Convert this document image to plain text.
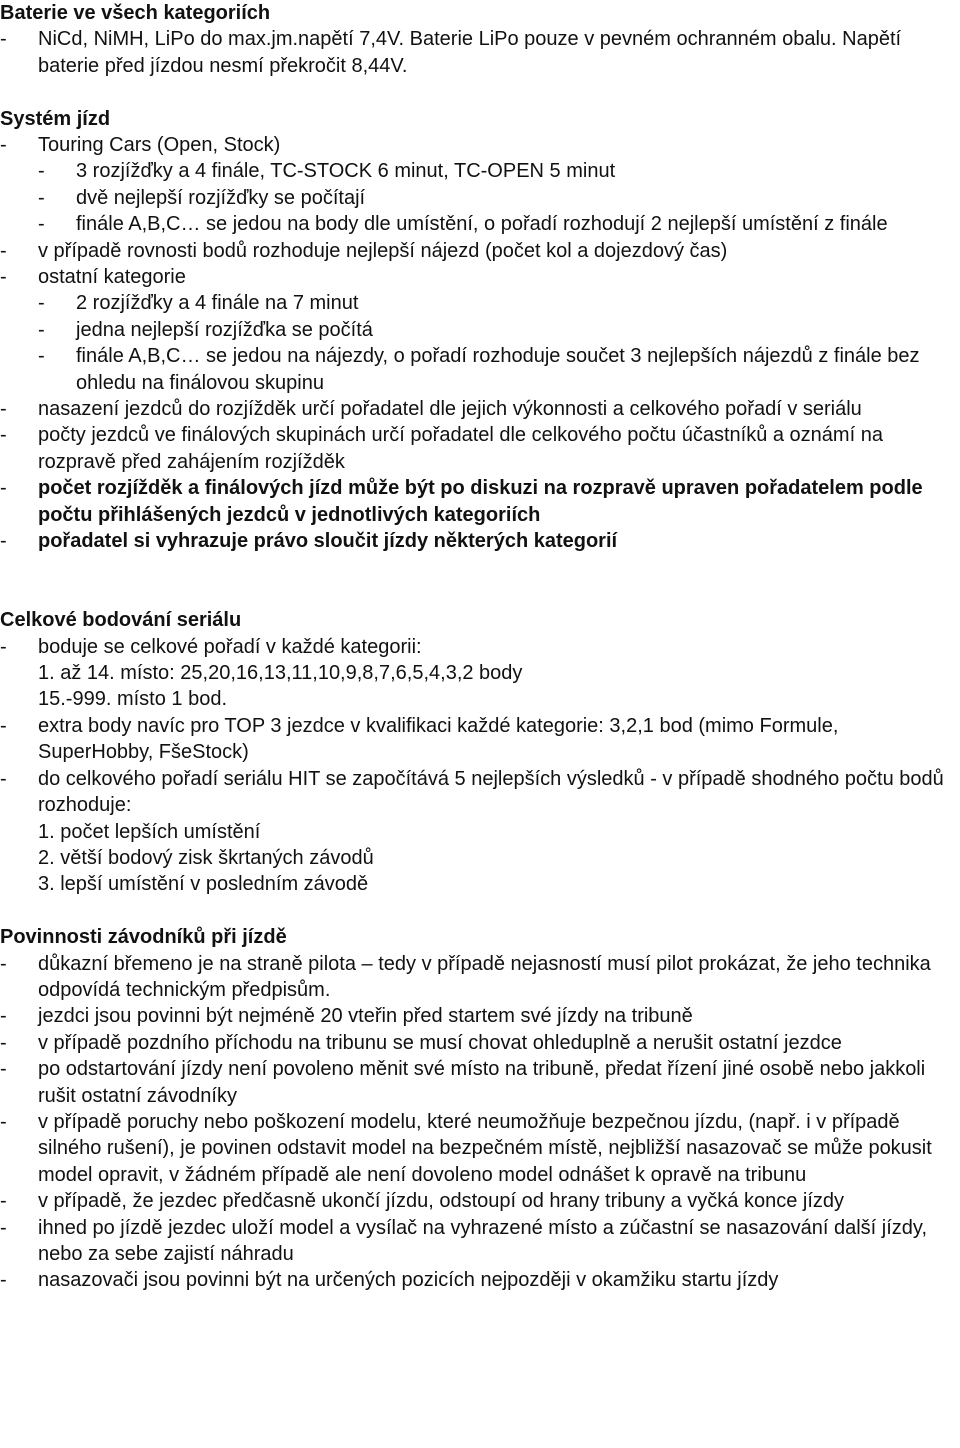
Baterie ve všech kategoriích
-	NiCd, NiMH, LiPo do max.jm.napětí 7,4V. Baterie LiPo pouze v pevném ochranném obalu. Napětí baterie před jízdou nesmí překročit 8,44V.
Systém jízd
-	Touring Cars (Open, Stock)
-	3 rozjížďky a 4 finále, TC-STOCK 6 minut, TC-OPEN 5 minut
-	dvě nejlepší rozjížďky se počítají
-	finále A,B,C… se jedou na body dle umístění, o pořadí rozhodují 2 nejlepší umístění z finále
-	v případě rovnosti bodů rozhoduje nejlepší nájezd (počet kol a dojezdový čas)
-	ostatní kategorie
-	2 rozjížďky a 4 finále na 7 minut
-	jedna nejlepší rozjížďka se počítá
-	finále A,B,C… se jedou na nájezdy, o pořadí rozhoduje součet 3 nejlepších nájezdů z finále bez ohledu na finálovou skupinu
-	nasazení jezdců do rozjížděk určí pořadatel dle jejich výkonnosti a celkového pořadí v seriálu
-	počty jezdců ve finálových skupinách určí pořadatel dle celkového počtu účastníků a oznámí na rozpravě před zahájením rozjížděk
-	počet rozjížděk a finálových jízd může být po diskuzi na rozpravě upraven pořadatelem podle počtu přihlášených jezdců v jednotlivých kategoriích
-	pořadatel si vyhrazuje právo sloučit jízdy některých kategorií
Celkové bodování seriálu
-	boduje se celkové pořadí v každé kategorii:
1. až 14. místo: 25,20,16,13,11,10,9,8,7,6,5,4,3,2 body
15.-999. místo 1 bod.
-	extra body navíc pro TOP 3 jezdce v kvalifikaci každé kategorie: 3,2,1 bod (mimo Formule, SuperHobby, FšeStock)
-	do celkového pořadí seriálu HIT se započítává 5 nejlepších výsledků - v případě shodného počtu bodů rozhoduje:
1. počet lepších umístění
2. větší bodový zisk škrtaných závodů
3. lepší umístění v posledním závodě
Povinnosti závodníků při jízdě
-	důkazní břemeno je na straně pilota – tedy v případě nejasností musí pilot prokázat, že jeho technika odpovídá technickým předpisům.
-	jezdci jsou povinni být nejméně 20 vteřin před startem své jízdy na tribuně
-	v případě pozdního příchodu na tribunu se musí chovat ohleduplně a nerušit ostatní jezdce
-	po odstartování jízdy není povoleno měnit své místo na tribuně, předat řízení jiné osobě nebo jakkoli rušit ostatní závodníky
-	v případě poruchy nebo poškození modelu, které neumožňuje bezpečnou jízdu, (např. i v případě silného rušení), je povinen odstavit model na bezpečném místě, nejbližší nasazovač se může pokusit model opravit, v žádném případě ale není dovoleno model odnášet k opravě na tribunu
-	v případě, že jezdec předčasně ukončí jízdu, odstoupí od hrany tribuny a vyčká konce jízdy
-	ihned po jízdě jezdec uloží model a vysílač na vyhrazené místo a zúčastní se nasazování další jízdy, nebo za sebe zajistí náhradu
-	nasazovači jsou povinni být na určených pozicích nejpozději v okamžiku startu jízdy
